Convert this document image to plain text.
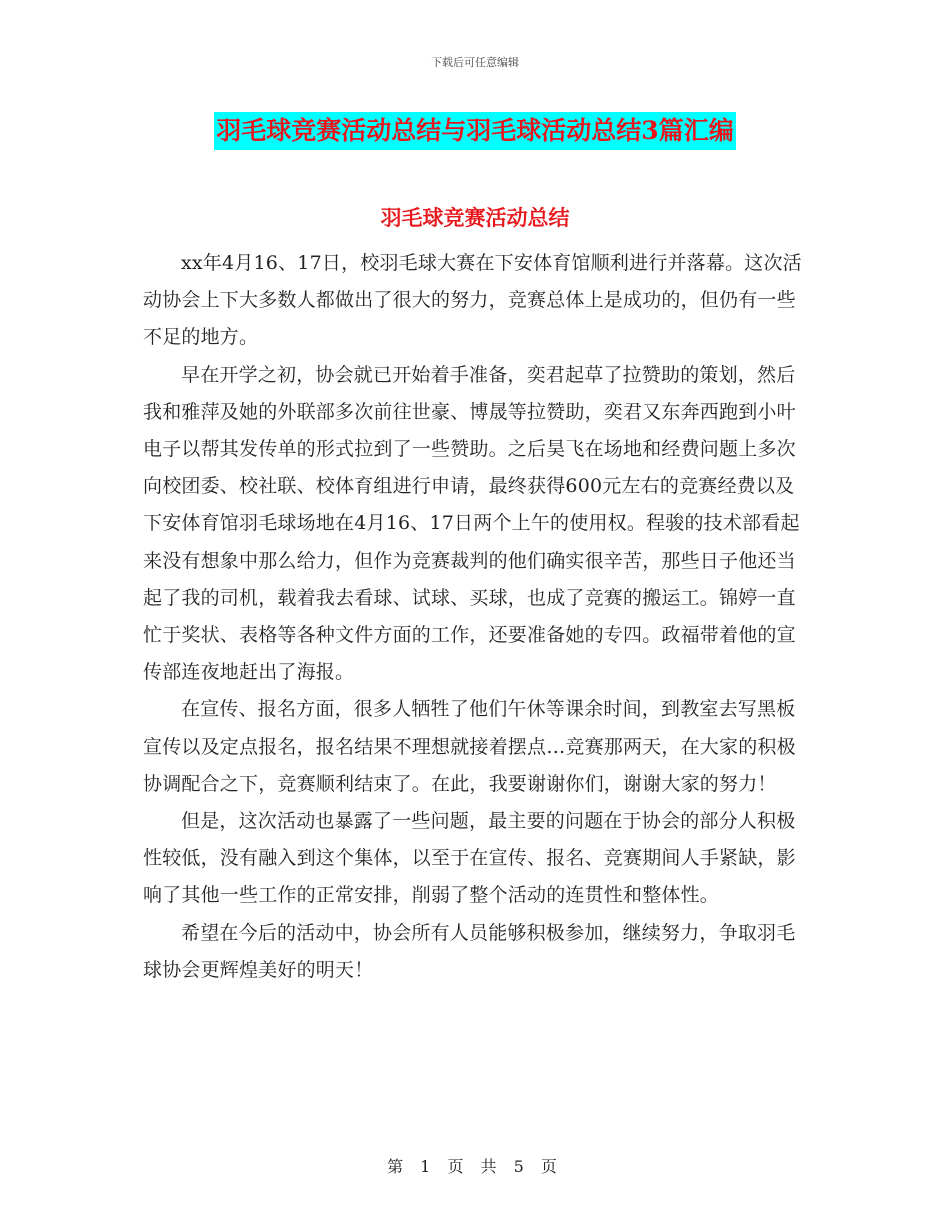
下载后可任意编辑
羽毛球竞赛活动总结与羽毛球活动总结3篇汇编
羽毛球竞赛活动总结

xx年4月16、17日，校羽毛球大赛在下安体育馆顺利进行并落幕。这次活动协会上下大多数人都做出了很大的努力，竞赛总体上是成功的，但仍有一些不足的地方。

早在开学之初，协会就已开始着手准备，奕君起草了拉赞助的策划，然后我和雅萍及她的外联部多次前往世豪、博晟等拉赞助，奕君又东奔西跑到小叶电子以帮其发传单的形式拉到了一些赞助。之后昊飞在场地和经费问题上多次向校团委、校社联、校体育组进行申请，最终获得600元左右的竞赛经费以及下安体育馆羽毛球场地在4月16、17日两个上午的使用权。程骏的技术部看起来没有想象中那么给力，但作为竞赛裁判的他们确实很辛苦，那些日子他还当起了我的司机，载着我去看球、试球、买球，也成了竞赛的搬运工。锦婷一直忙于奖状、表格等各种文件方面的工作，还要准备她的专四。政福带着他的宣传部连夜地赶出了海报。

在宣传、报名方面，很多人牺牲了他们午休等课余时间，到教室去写黑板宣传以及定点报名，报名结果不理想就接着摆点…竞赛那两天，在大家的积极协调配合之下，竞赛顺利结束了。在此，我要谢谢你们，谢谢大家的努力！

但是，这次活动也暴露了一些问题，最主要的问题在于协会的部分人积极性较低，没有融入到这个集体，以至于在宣传、报名、竞赛期间人手紧缺，影响了其他一些工作的正常安排，削弱了整个活动的连贯性和整体性。

希望在今后的活动中，协会所有人员能够积极参加，继续努力，争取羽毛球协会更辉煌美好的明天！

第 1 页 共 5 页
